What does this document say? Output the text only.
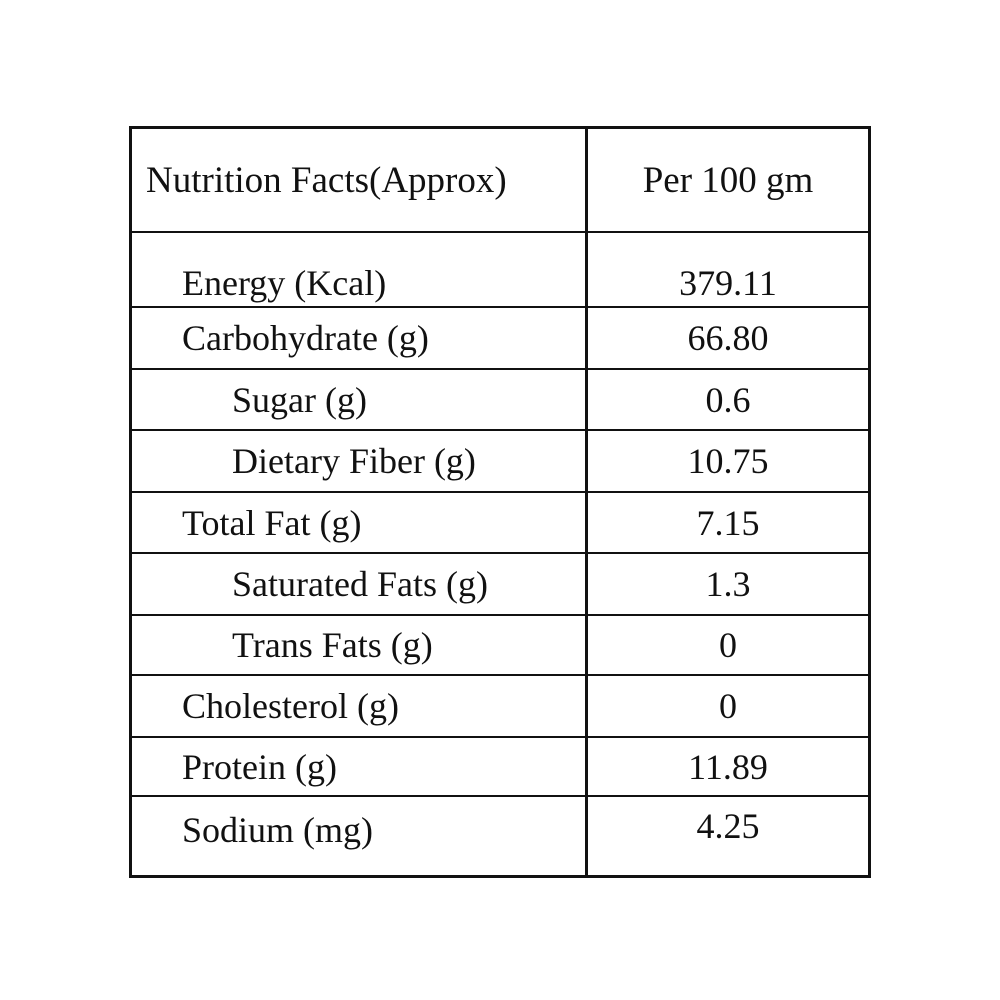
Nutrition Facts(Approx)	Per 100 gm
Energy (Kcal)	379.11
Carbohydrate (g)	66.80
Sugar (g)	0.6
Dietary Fiber (g)	10.75
Total Fat (g)	7.15
Saturated Fats (g)	1.3
Trans Fats (g)	0
Cholesterol (g)	0
Protein (g)	11.89
Sodium (mg)	4.25
